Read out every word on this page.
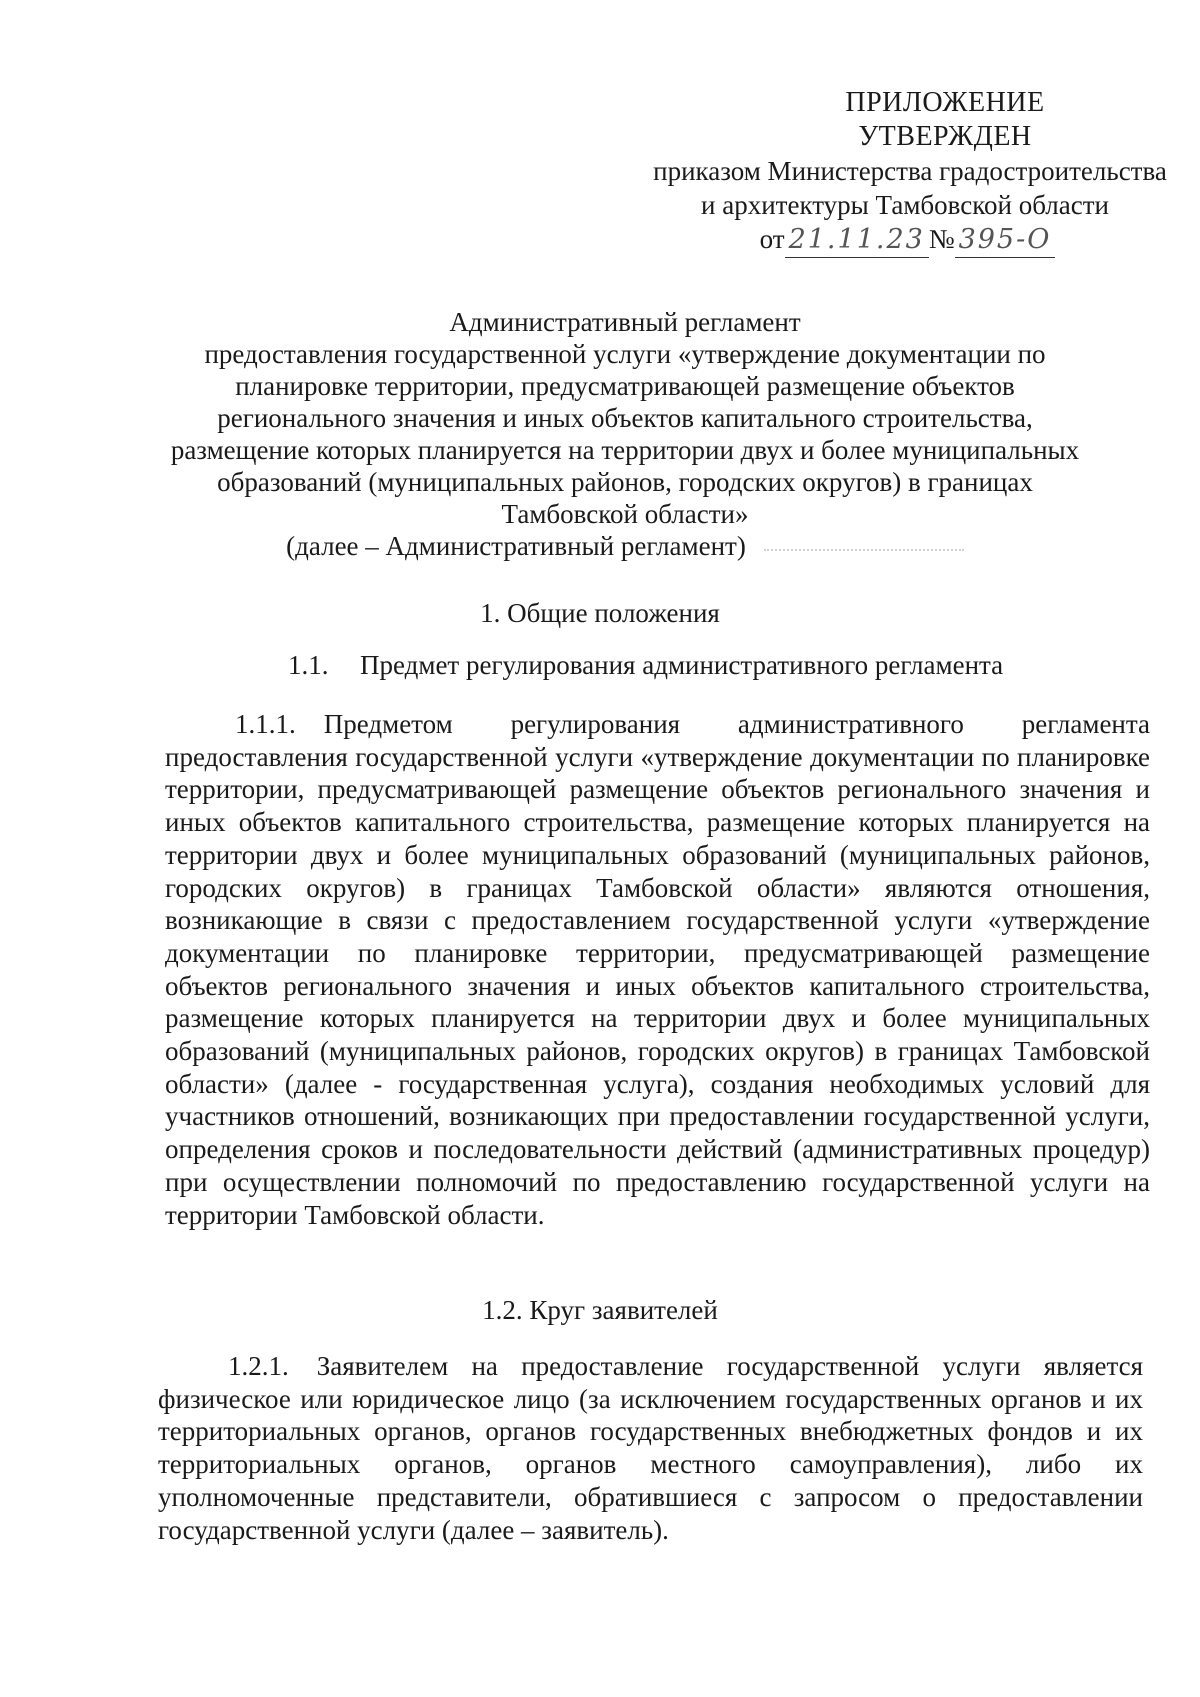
ПРИЛОЖЕНИЕ
УТВЕРЖДЕН
приказом Министерства градостроительства
и архитектуры Тамбовской области
от 21.11.23 № 395-О
Административный регламент
предоставления государственной услуги «утверждение документации по
планировке территории, предусматривающей размещение объектов
регионального значения и иных объектов капитального строительства,
размещение которых планируется на территории двух и более муниципальных
образований (муниципальных районов, городских округов) в границах
Тамбовской области»
(далее – Административный регламент)
1. Общие положения
1.1. Предмет регулирования административного регламента
1.1.1. Предметом регулирования административного регламента предоставления государственной услуги «утверждение документации по планировке территории, предусматривающей размещение объектов регионального значения и иных объектов капитального строительства, размещение которых планируется на территории двух и более муниципальных образований (муниципальных районов, городских округов) в границах Тамбовской области» являются отношения, возникающие в связи с предоставлением государственной услуги «утверждение документации по планировке территории, предусматривающей размещение объектов регионального значения и иных объектов капитального строительства, размещение которых планируется на территории двух и более муниципальных образований (муниципальных районов, городских округов) в границах Тамбовской области» (далее - государственная услуга), создания необходимых условий для участников отношений, возникающих при предоставлении государственной услуги, определения сроков и последовательности действий (административных процедур) при осуществлении полномочий по предоставлению государственной услуги на территории Тамбовской области.
1.2. Круг заявителей
1.2.1. Заявителем на предоставление государственной услуги является физическое или юридическое лицо (за исключением государственных органов и их территориальных органов, органов государственных внебюджетных фондов и их территориальных органов, органов местного самоуправления), либо их уполномоченные представители, обратившиеся с запросом о предоставлении государственной услуги (далее – заявитель).
